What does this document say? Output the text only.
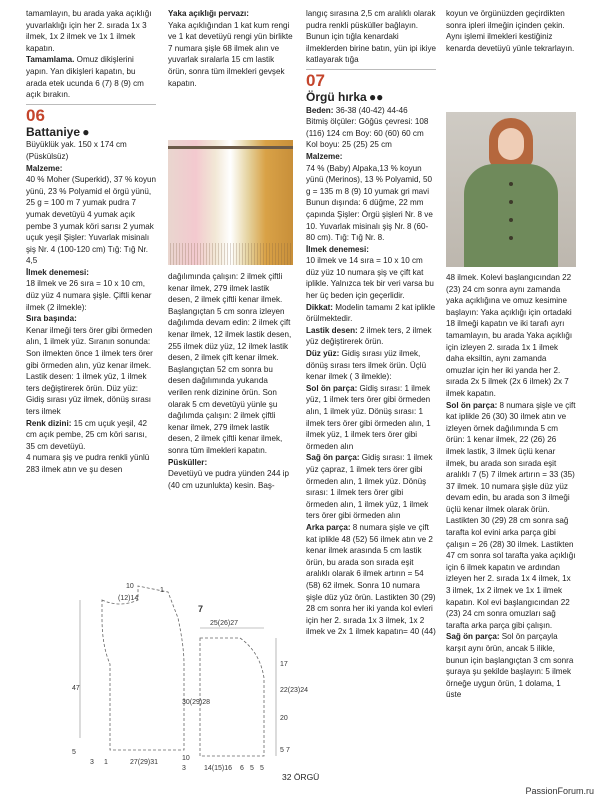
tamamlayın, bu arada yaka açıklığı yuvarlaklığı için her 2. sırada 1x 3 ilmek, 1x 2 ilmek ve 1x 1 ilmek kapatın.

Tamamlama. Omuz dikişlerini yapın. Yan dikişleri kapatın, bu arada etek ucunda 6 (7) 8 (9) cm açık bırakın.

06
Battaniye ●

Büyüklük yak. 150 x 174 cm (Püskülsüz)

Malzeme:

40 % Moher (Superkid), 37 % koyun yünü, 23 % Polyamid el örgü yünü, 25 g = 100 m 7 yumak pudra 7 yumak devetüyü 4 yumak açık pembe 3 yumak köri sarısı 2 yumak uçuk yeşil Şişler: Yuvarlak misinalı şiş Nr. 4 (100-120 cm) Tığ: Tığ Nr. 4,5

İlmek denemesi:

18 ilmek ve 26 sıra = 10 x 10 cm, düz yüz 4 numara şişle. Çiftli kenar ilmek (2 ilmekle):

Sıra başında:

Kenar ilmeği ters örer gibi örmeden alın, 1 ilmek yüz. Sıranın sonunda: Son ilmekten önce 1 ilmek ters örer gibi örmeden alın, yüz kenar ilmek. Lastik desen: 1 ilmek yüz, 1 ilmek ters değiştirerek örün. Düz yüz: Gidiş sırası yüz ilmek, dönüş sırası ters ilmek

Renk dizini: 15 cm uçuk yeşil, 42 cm açık pembe, 25 cm köri sarısı, 35 cm devetüyü.

4 numara şiş ve pudra renkli yünlü 283 ilmek atın ve şu desen

Yaka açıklığı pervazı:

Yaka açıklığından 1 kat kum rengi ve 1 kat devetüyü rengi yün birlikte 7 numara şişle 68 ilmek alın ve yuvarlak sıralarla 15 cm lastik örün, sonra tüm ilmekleri gevşek kapatın.

dağılımında çalışın: 2 ilmek çiftli kenar ilmek, 279 ilmek lastik desen, 2 ilmek çiftli kenar ilmek. Başlangıçtan 5 cm sonra izleyen dağılımda devam edin: 2 ilmek çift kenar ilmek, 12 ilmek lastik desen, 255 ilmek düz yüz, 12 ilmek lastik desen, 2 ilmek çift kenar ilmek. Başlangıçtan 52 cm sonra bu desen dağılımında yukarıda verilen renk dizinine örün. Son olarak 5 cm devetüyü yünle şu dağılımda çalışın: 2 ilmek çiftli kenar ilmek, 279 ilmek lastik desen, 2 ilmek çiftli kenar ilmek, sonra tüm ilmekleri kapatın.

Püsküller:

Devetüyü ve pudra yünden 244 ip (40 cm uzunlukta) kesin. Baş-

langıç sırasına 2,5 cm aralıklı olarak pudra renkli püsküller bağlayın. Bunun için tığla kenardaki ilmeklerden birine batın, yün ipi ikiye katlayarak tığa

07
Örgü hırka ●●

Beden: 36-38 (40-42) 44-46

Bitmiş ölçüler: Göğüs çevresi: 108 (116) 124 cm Boy: 60 (60) 60 cm Kol boyu: 25 (25) 25 cm

Malzeme:

74 % (Baby) Alpaka,13 % koyun yünü (Merinos), 13 % Polyamid, 50 g = 135 m 8 (9) 10 yumak gri mavi Bunun dışında: 6 düğme, 22 mm çapında Şişler: Örgü şişleri Nr. 8 ve 10. Yuvarlak misinalı şiş Nr. 8 (60-80 cm). Tığ: Tığ Nr. 8.

İlmek denemesi:

10 ilmek ve 14 sıra = 10 x 10 cm düz yüz 10 numara şiş ve çift kat iplikle. Yalnızca tek bir veri varsa bu her üç beden için geçerlidir.

Dikkat: Modelin tamamı 2 kat iplikle örülmektedir.

Lastik desen: 2 ilmek ters, 2 ilmek yüz değiştirerek örün.

Düz yüz: Gidiş sırası yüz ilmek, dönüş sırası ters ilmek örün. Üçlü kenar ilmek ( 3 ilmekle):

Sol ön parça: Gidiş sırası: 1 ilmek yüz, 1 ilmek ters örer gibi örmeden alın, 1 ilmek yüz. Dönüş sırası: 1 ilmek ters örer gibi örmeden alın, 1 ilmek yüz, 1 ilmek ters örer gibi örmeden alın

Sağ ön parça: Gidiş sırası: 1 ilmek yüz çapraz, 1 ilmek ters örer gibi örmeden alın, 1 ilmek yüz. Dönüş sırası: 1 ilmek ters örer gibi örmeden alın, 1 ilmek yüz, 1 ilmek ters örer gibi örmeden alın

Arka parça: 8 numara şişle ve çift kat iplikle 48 (52) 56 ilmek atın ve 2 kenar ilmek arasında 5 cm lastik örün, bu arada son sırada eşit aralıklı olarak 6 ilmek artırın = 54 (58) 62 ilmek. Sonra 10 numara şişle düz yüz örün. Lastikten 30 (29) 28 cm sonra her iki yanda kol evleri için her 2. sırada 1x 3 ilmek, 1x 2 ilmek ve 2x 1 ilmek kapatın= 40 (44)

koyun ve örgünüzden geçirdikten sonra ipleri ilmeğin içinden çekin. Aynı işlemi ilmekleri kestiğiniz kenarda devetüyü yünle tekrarlayın.

48 ilmek. Kolevi başlangıcından 22 (23) 24 cm sonra aynı zamanda yaka açıklığına ve omuz kesimine başlayın: Yaka açıklığı için ortadaki 18 ilmeği kapatın ve iki tarafı ayrı tamamlayın, bu arada Yaka açıklığı için izleyen 2. sırada 1x 1 ilmek daha eksiltin, aynı zamanda omuzlar için her iki yanda her 2. sırada 2x 5 ilmek (2x 6 ilmek) 2x 7 ilmek kapatın.

Sol ön parça: 8 numara şişle ve çift kat iplikle 26 (30) 30 ilmek atın ve izleyen örnek dağılımında 5 cm örün: 1 kenar ilmek, 22 (26) 26 ilmek lastik, 3 ilmek üçlü kenar ilmek, bu arada son sırada eşit aralıklı 7 (5) 7 ilmek artırın = 33 (35) 37 ilmek. 10 numara şişle düz yüz devam edin, bu arada son 3 ilmeği üçlü kenar ilmek olarak örün. Lastikten 30 (29) 28 cm sonra sağ tarafta kol evini arka parça gibi çalışın = 26 (28) 30 ilmek. Lastikten 47 cm sonra sol tarafta yaka açıklığı için 6 ilmek kapatın ve ardından izleyen her 2. sırada 1x 4 ilmek, 1x 3 ilmek, 1x 2 ilmek ve 1x 1 ilmek kapatın. Kol evi başlangıcından 22 (23) 24 cm sonra omuzları sağ tarafta arka parça gibi çalışın.

Sağ ön parça: Sol ön parçayla karşıt aynı örün, ancak 5 ilikle, bunun için başlangıçtan 3 cm sonra şuraya şu şekilde başlayın: 5 ilmek örneğe uygun örün, 1 dolama, 1 üste

10
(12)14
1
47
5
27(29)31
1
3
7
25(26)27
17
20
30(29)28
10
3
5 7
14(15)16 6 5 5
22(23)24
32 ÖRGÜ
PassionForum.ru
